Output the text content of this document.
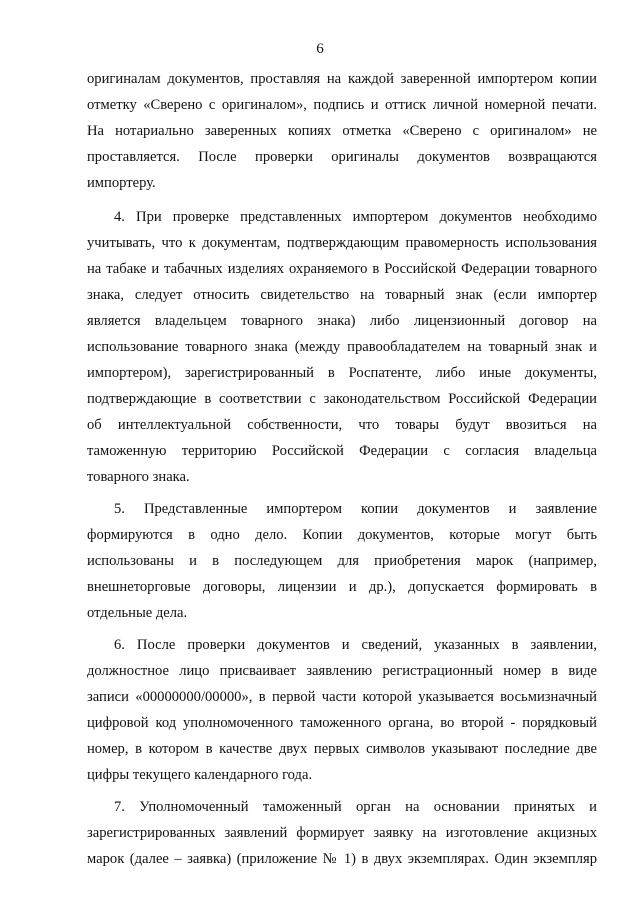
6

оригиналам документов, проставляя на каждой заверенной импортером копии
отметку «Сверено с оригиналом», подпись и оттиск личной номерной печати.
На нотариально заверенных копиях отметка «Сверено с оригиналом» не
проставляется. После проверки оригиналы документов возвращаются
импортеру.

4. При проверке представленных импортером документов необходимо
учитывать, что к документам, подтверждающим правомерность использования
на табаке и табачных изделиях охраняемого в Российской Федерации товарного
знака, следует относить свидетельство на товарный знак (если импортер
является владельцем товарного знака) либо лицензионный договор на
использование товарного знака (между правообладателем на товарный знак и
импортером), зарегистрированный в Роспатенте, либо иные документы,
подтверждающие в соответствии с законодательством Российской Федерации
об интеллектуальной собственности, что товары будут ввозиться на
таможенную территорию Российской Федерации с согласия владельца
товарного знака.

5. Представленные импортером копии документов и заявление
формируются в одно дело. Копии документов, которые могут быть
использованы и в последующем для приобретения марок (например,
внешнеторговые договоры, лицензии и др.), допускается формировать в
отдельные дела.

6. После проверки документов и сведений, указанных в заявлении,
должностное лицо присваивает заявлению регистрационный номер в виде
записи «00000000/00000», в первой части которой указывается восьмизначный
цифровой код уполномоченного таможенного органа, во второй - порядковый
номер, в котором в качестве двух первых символов указывают последние две
цифры текущего календарного года.

7. Уполномоченный таможенный орган на основании принятых и
зарегистрированных заявлений формирует заявку на изготовление акцизных
марок (далее – заявка) (приложение № 1) в двух экземплярах. Один экземпляр
